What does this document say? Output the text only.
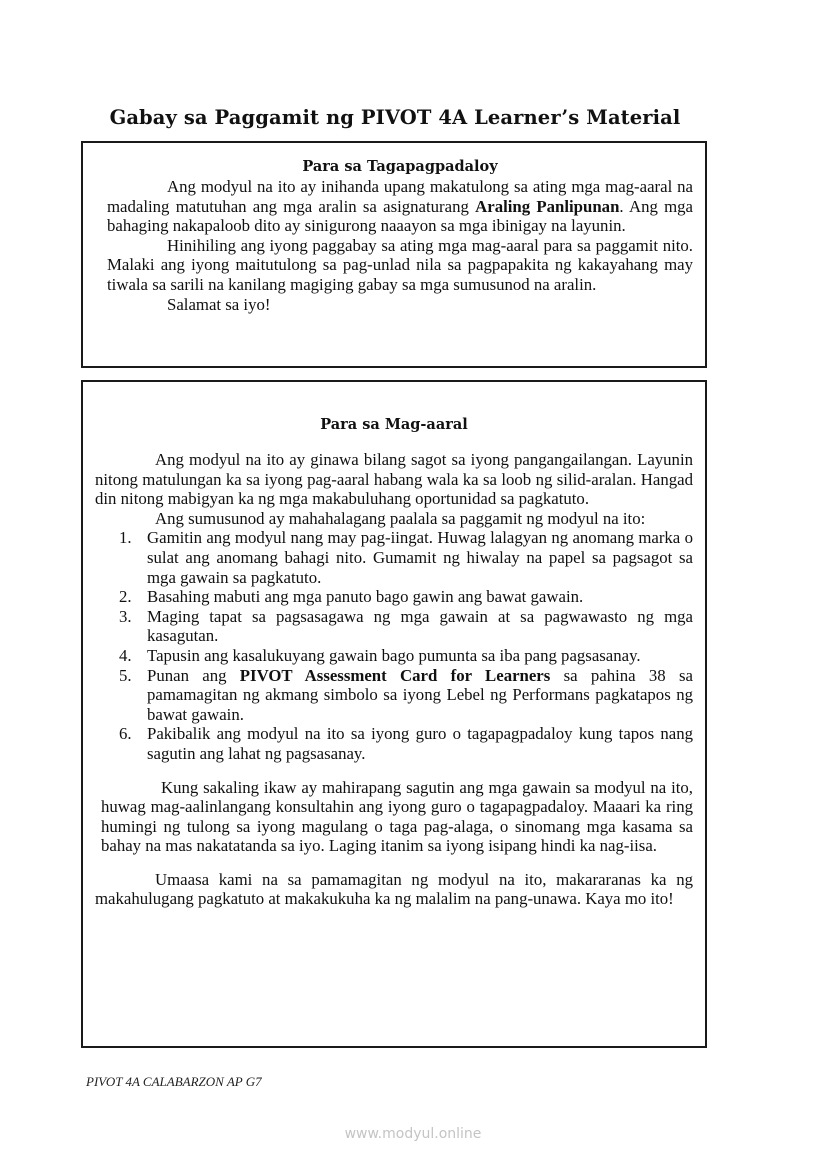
Gabay sa Paggamit ng PIVOT 4A Learner’s Material
Para sa Tagapagpadaloy

Ang modyul na ito ay inihanda upang makatulong sa ating mga mag-aaral na madaling matutuhan ang mga aralin sa asignaturang Araling Panlipunan. Ang mga bahaging nakapaloob dito ay sinigurong naaayon sa mga ibinigay na layunin.

Hinihiling ang iyong paggabay sa ating mga mag-aaral para sa paggamit nito. Malaki ang iyong maitutulong sa pag-unlad nila sa pagpapakita ng kakayahang may tiwala sa sarili na kanilang magiging gabay sa mga sumusunod na aralin.

Salamat sa iyo!

Para sa Mag-aaral

Ang modyul na ito ay ginawa bilang sagot sa iyong pangangailangan. Layunin nitong matulungan ka sa iyong pag-aaral habang wala ka sa loob ng silid-aralan. Hangad din nitong mabigyan ka ng mga makabuluhang oportunidad sa pagkatuto.

Ang sumusunod ay mahahalagang paalala sa paggamit ng modyul na ito:

1. Gamitin ang modyul nang may pag-iingat. Huwag lalagyan ng anomang marka o sulat ang anomang bahagi nito. Gumamit ng hiwalay na papel sa pagsagot sa mga gawain sa pagkatuto.
2. Basahing mabuti ang mga panuto bago gawin ang bawat gawain.
3. Maging tapat sa pagsasagawa ng mga gawain at sa pagwawasto ng mga kasagutan.
4. Tapusin ang kasalukuyang gawain bago pumunta sa iba pang pagsasanay.
5. Punan ang PIVOT Assessment Card for Learners sa pahina 38 sa pamamagitan ng akmang simbolo sa iyong Lebel ng Performans pagkatapos ng bawat gawain.
6. Pakibalik ang modyul na ito sa iyong guro o tagapagpadaloy kung tapos nang sagutin ang lahat ng pagsasanay.

Kung sakaling ikaw ay mahirapang sagutin ang mga gawain sa modyul na ito, huwag mag-aalinlangang konsultahin ang iyong guro o tagapagpadaloy. Maaari ka ring humingi ng tulong sa iyong magulang o taga pag-alaga, o sinomang mga kasama sa bahay na mas nakatatanda sa iyo. Laging itanim sa iyong isipang hindi ka nag-iisa.

Umaasa kami na sa pamamagitan ng modyul na ito, makararanas ka ng makahulugang pagkatuto at makakukuha ka ng malalim na pang-unawa. Kaya mo ito!

PIVOT 4A CALABARZON AP G7
www.modyul.online
